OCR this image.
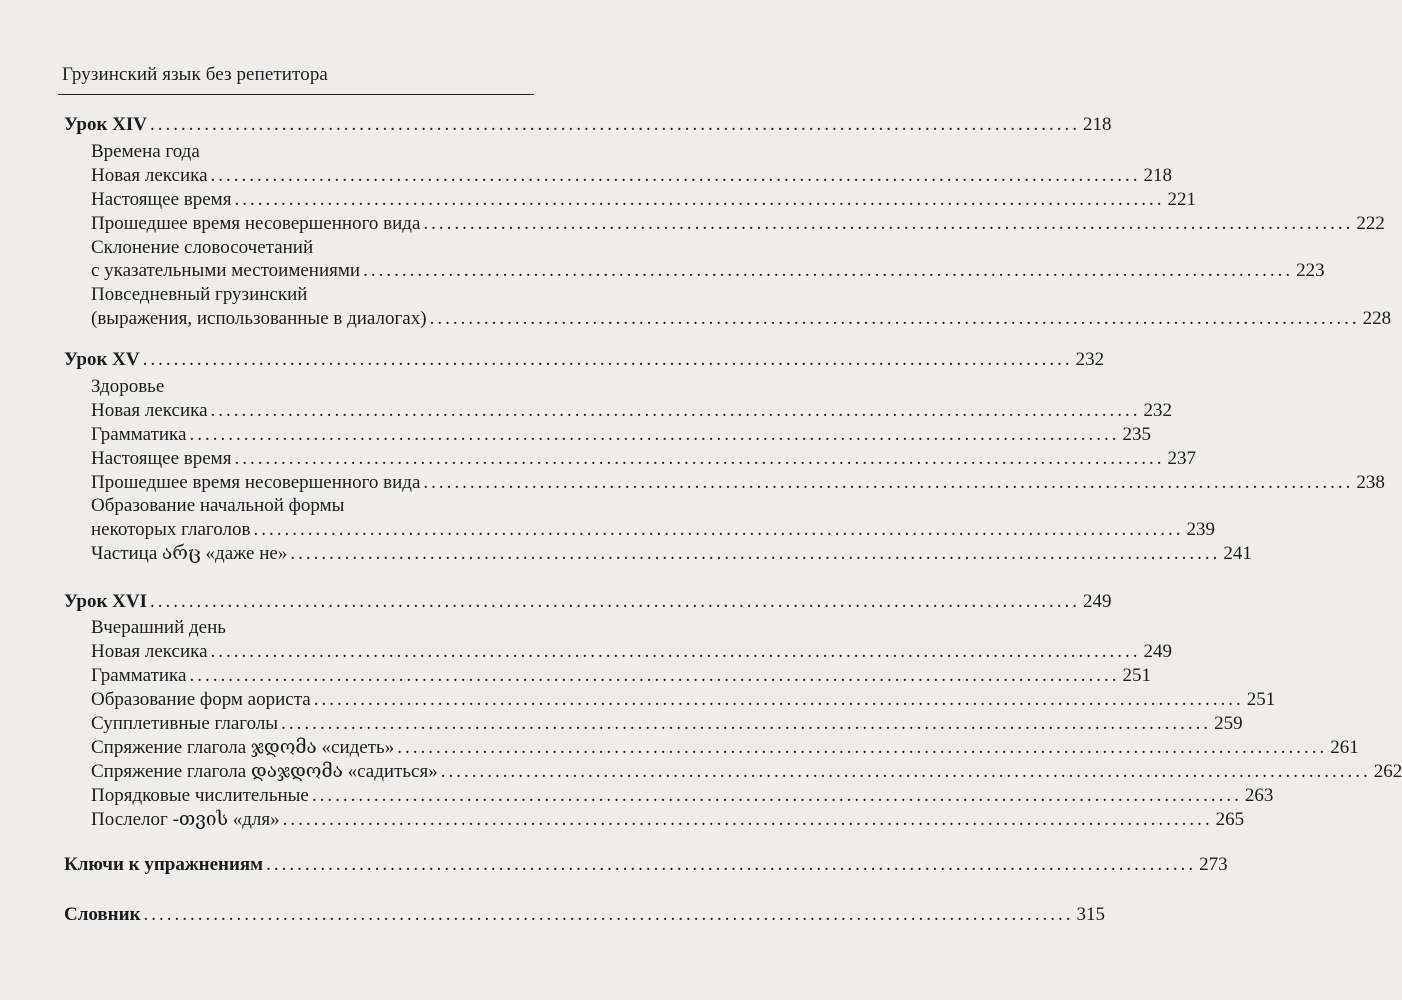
Грузинский язык без репетитора
Урок XIV ........................................................................................................................ 218
Времена года
Новая лексика ........................................................................................................................ 218
Настоящее время ........................................................................................................................ 221
Прошедшее время несовершенного вида ........................................................................................................................ 222
Склонение словосочетаний
с указательными местоимениями ........................................................................................................................ 223
Повседневный грузинский
(выражения, использованные в диалогах) ........................................................................................................................ 228
Урок XV ........................................................................................................................ 232
Здоровье
Новая лексика ........................................................................................................................ 232
Грамматика ........................................................................................................................ 235
Настоящее время ........................................................................................................................ 237
Прошедшее время несовершенного вида ........................................................................................................................ 238
Образование начальной формы
некоторых глаголов ........................................................................................................................ 239
Частица არც «даже не» ........................................................................................................................ 241
Урок XVI ........................................................................................................................ 249
Вчерашний день
Новая лексика ........................................................................................................................ 249
Грамматика ........................................................................................................................ 251
Образование форм аориста ........................................................................................................................ 251
Супплетивные глаголы ........................................................................................................................ 259
Спряжение глагола ჯდომა «сидеть» ........................................................................................................................ 261
Спряжение глагола დაჯდომა «садиться» ........................................................................................................................ 262
Порядковые числительные ........................................................................................................................ 263
Послелог -თვის «для» ........................................................................................................................ 265
Ключи к упражнениям ........................................................................................................................ 273
Словник ........................................................................................................................ 315
